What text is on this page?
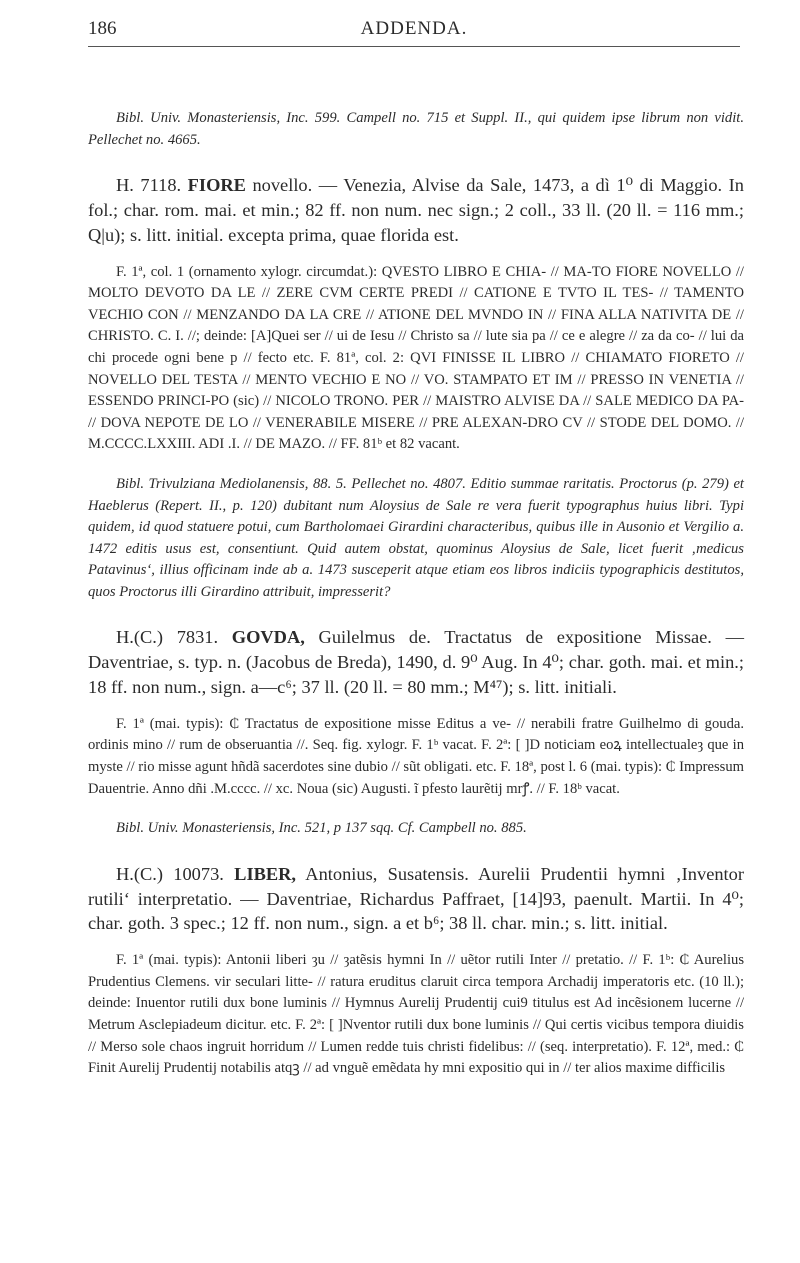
186	ADDENDA.

Bibl. Univ. Monasteriensis, Inc. 599. Campell no. 715 et Suppl. II., qui quidem ipse librum non vidit. Pellechet no. 4665.

H. 7118. FIORE novello. — Venezia, Alvise da Sale, 1473, a dì 1⁰ di Maggio. In fol.; char. rom. mai. et min.; 82 ff. non num. nec sign.; 2 coll., 33 ll. (20 ll. = 116 mm.; Q|u); s. litt. initial. excepta prima, quae florida est.

F. 1ª, col. 1 (ornamento xylogr. circumdat.): QVESTO LIBRO E CHIA- // MA-TO FIORE NOVELLO // MOLTO DEVOTO DA LE // ZERE CVM CERTE PREDI // CATIONE E TVTO IL TES- // TAMENTO VECHIO CON // MENZANDO DA LA CRE // ATIONE DEL MVNDO IN // FINA ALLA NATIVITA DE // CHRISTO. C. I. //; deinde: [A]Quei ser // ui de Iesu // Christo sa // lute sia pa // ce e alegre // za da co- // lui da chi procede ogni bene p // fecto etc. F. 81ª, col. 2: QVI FINISSE IL LIBRO // CHIAMATO FIORETO // NOVELLO DEL TESTA // MENTO VECHIO E NO // VO. STAMPATO ET IM // PRESSO IN VENETIA // ESSENDO PRINCI-PO (sic) // NICOLO TRONO. PER // MAISTRO ALVISE DA // SALE MEDICO DA PA- // DOVA NEPOTE DE LO // VENERABILE MISERE // PRE ALEXAN-DRO CV // STODE DEL DOMO. // M.CCCC.LXXIII. ADI .I. // DE MAZO. // FF. 81ᵇ et 82 vacant.

Bibl. Trivulziana Mediolanensis, 88. 5. Pellechet no. 4807. Editio summae raritatis. Proctorus (p. 279) et Haeblerus (Repert. II., p. 120) dubitant num Aloysius de Sale re vera fuerit typographus huius libri. Typi quidem, id quod statuere potui, cum Bartholomaei Girardini characteribus, quibus ille in Ausonio et Vergilio a. 1472 editis usus est, consentiunt. Quid autem obstat, quominus Aloysius de Sale, licet fuerit ‚medicus Patavinus‘, illius officinam inde ab a. 1473 susceperit atque etiam eos libros indiciis typographicis destitutos, quos Proctorus illi Girardino attribuit, impresserit?

H.(C.) 7831. GOVDA, Guilelmus de. Tractatus de expositione Missae. — Daventriae, s. typ. n. (Jacobus de Breda), 1490, d. 9⁰ Aug. In 4⁰; char. goth. mai. et min.; 18 ff. non num., sign. a—c⁶; 37 ll. (20 ll. = 80 mm.; M⁴⁷); s. litt. initiali.

F. 1ª (mai. typis): ₵ Tractatus de expositione misse Editus a ve- // nerabili fratre Guilhelmo di gouda. ordinis mino // rum de obseruantia //. Seq. fig. xylogr. F. 1ᵇ vacat. F. 2ª: [ ]D noticiam eoꝝ intellectualeȝ que in myste // rio misse agunt hñdã sacerdotes sine dubio // sũt obligati. etc. F. 18ª, post l. 6 (mai. typis): ₵ Impressum Dauentrie. Anno dñi .M.cccc. // xc. Noua (sic) Augusti. ĩ pfesto laurẽtij mrꝭ. // F. 18ᵇ vacat.

Bibl. Univ. Monasteriensis, Inc. 521, p 137 sqq. Cf. Campbell no. 885.

H.(C.) 10073. LIBER, Antonius, Susatensis. Aurelii Prudentii hymni ‚Inventor rutili‘ interpretatio. — Daventriae, Richardus Paffraet, [14]93, paenult. Martii. In 4⁰; char. goth. 3 spec.; 12 ff. non num., sign. a et b⁶; 38 ll. char. min.; s. litt. initial.

F. 1ª (mai. typis): Antonii liberi ȝu // ȝatẽsis hymni In // uẽtor rutili Inter // pretatio. // F. 1ᵇ: ₵ Aurelius Prudentius Clemens. vir seculari litte- // ratura eruditus claruit circa tempora Archadij imperatoris etc. (10 ll.); deinde: Inuentor rutili dux bone luminis // Hymnus Aurelij Prudentij cui9 titulus est Ad incẽsionem lucerne // Metrum Asclepiadeum dicitur. etc. F. 2ª: [ ]Nventor rutili dux bone luminis // Qui certis vicibus tempora diuidis // Merso sole chaos ingruit horridum // Lumen redde tuis christi fidelibus: // (seq. interpretatio). F. 12ª, med.: ₵ Finit Aurelij Prudentij notabilis atqꝫ // ad vnguẽ emẽdata hy mni expositio qui in // ter alios maxime difficilis
